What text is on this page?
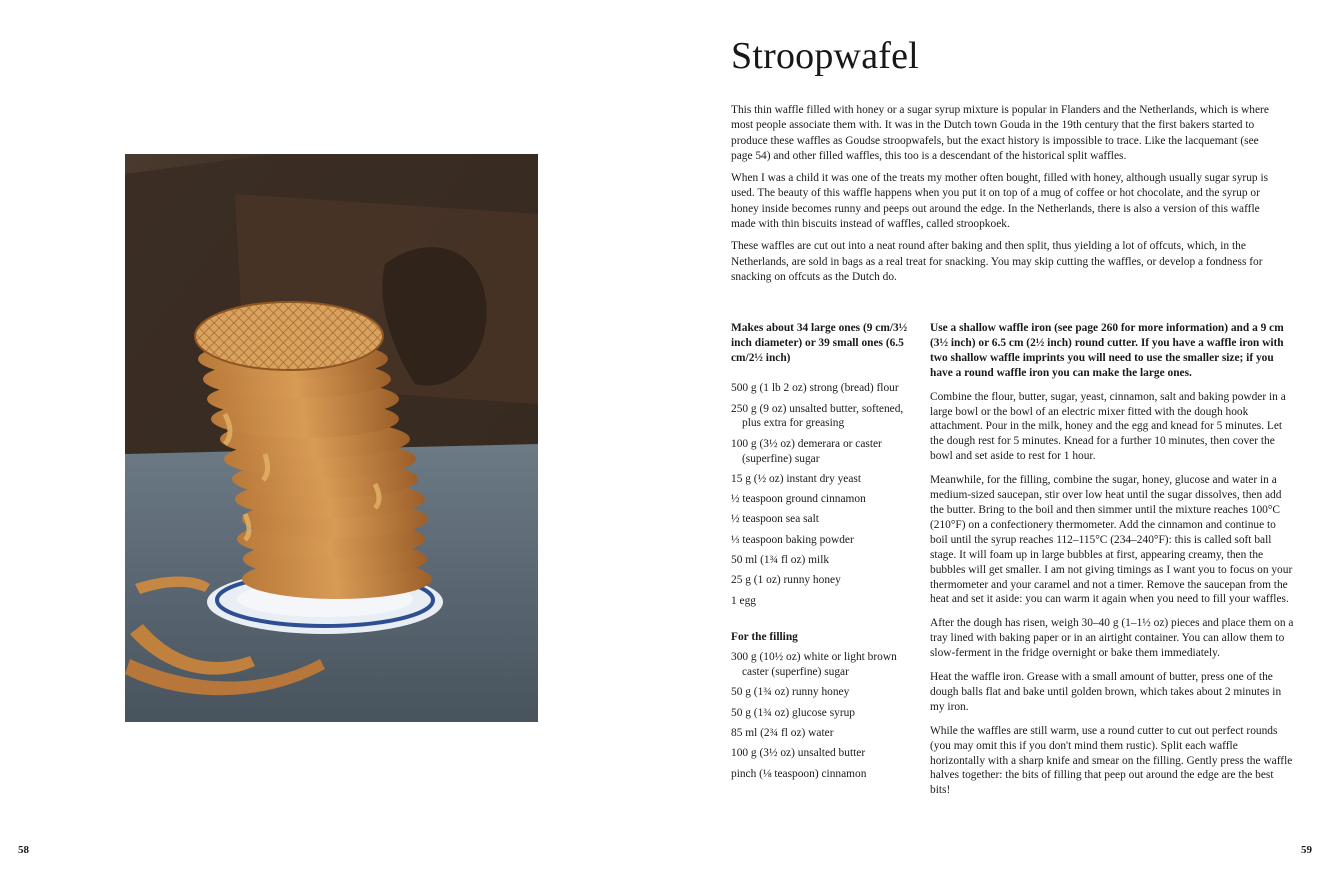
58
Stroopwafel

This thin waffle filled with honey or a sugar syrup mixture is popular in Flanders and the Netherlands, which is where most people associate them with. It was in the Dutch town Gouda in the 19th century that the first bakers started to produce these waffles as Goudse stroopwafels, but the exact history is impossible to trace. Like the lacquemant (see page 54) and other filled waffles, this too is a descendant of the historical split waffles.

When I was a child it was one of the treats my mother often bought, filled with honey, although usually sugar syrup is used. The beauty of this waffle happens when you put it on top of a mug of coffee or hot chocolate, and the syrup or honey inside becomes runny and peeps out around the edge. In the Netherlands, there is also a version of this waffle made with thin biscuits instead of waffles, called stroopkoek.

These waffles are cut out into a neat round after baking and then split, thus yielding a lot of offcuts, which, in the Netherlands, are sold in bags as a real treat for snacking. You may skip cutting the waffles, or develop a fondness for snacking on offcuts as the Dutch do.

Makes about 34 large ones (9 cm/3½ inch diameter) or 39 small ones (6.5 cm/2½ inch)
500 g (1 lb 2 oz) strong (bread) flour
250 g (9 oz) unsalted butter, softened, plus extra for greasing
100 g (3½ oz) demerara or caster (superfine) sugar
15 g (½ oz) instant dry yeast
½ teaspoon ground cinnamon
½ teaspoon sea salt
⅓ teaspoon baking powder
50 ml (1¾ fl oz) milk
25 g (1 oz) runny honey
1 egg
For the filling
300 g (10½ oz) white or light brown caster (superfine) sugar
50 g (1¾ oz) runny honey
50 g (1¾ oz) glucose syrup
85 ml (2¾ fl oz) water
100 g (3½ oz) unsalted butter
pinch (⅛ teaspoon) cinnamon

Use a shallow waffle iron (see page 260 for more information) and a 9 cm (3½ inch) or 6.5 cm (2½ inch) round cutter. If you have a waffle iron with two shallow waffle imprints you will need to use the smaller size; if you have a round waffle iron you can make the large ones.

Combine the flour, butter, sugar, yeast, cinnamon, salt and baking powder in a large bowl or the bowl of an electric mixer fitted with the dough hook attachment. Pour in the milk, honey and the egg and knead for 5 minutes. Let the dough rest for 5 minutes. Knead for a further 10 minutes, then cover the bowl and set aside to rest for 1 hour.

Meanwhile, for the filling, combine the sugar, honey, glucose and water in a medium-sized saucepan, stir over low heat until the sugar dissolves, then add the butter. Bring to the boil and then simmer until the mixture reaches 100°C (210°F) on a confectionery thermometer. Add the cinnamon and continue to boil until the syrup reaches 112–115°C (234–240°F): this is called soft ball stage. It will foam up in large bubbles at first, appearing creamy, then the bubbles will get smaller. I am not giving timings as I want you to focus on your thermometer and your caramel and not a timer. Remove the saucepan from the heat and set it aside: you can warm it again when you need to fill your waffles.

After the dough has risen, weigh 30–40 g (1–1½ oz) pieces and place them on a tray lined with baking paper or in an airtight container. You can allow them to slow-ferment in the fridge overnight or bake them immediately.

Heat the waffle iron. Grease with a small amount of butter, press one of the dough balls flat and bake until golden brown, which takes about 2 minutes in my iron.

While the waffles are still warm, use a round cutter to cut out perfect rounds (you may omit this if you don't mind them rustic). Split each waffle horizontally with a sharp knife and smear on the filling. Gently press the waffle halves together: the bits of filling that peep out around the edge are the best bits!

59
